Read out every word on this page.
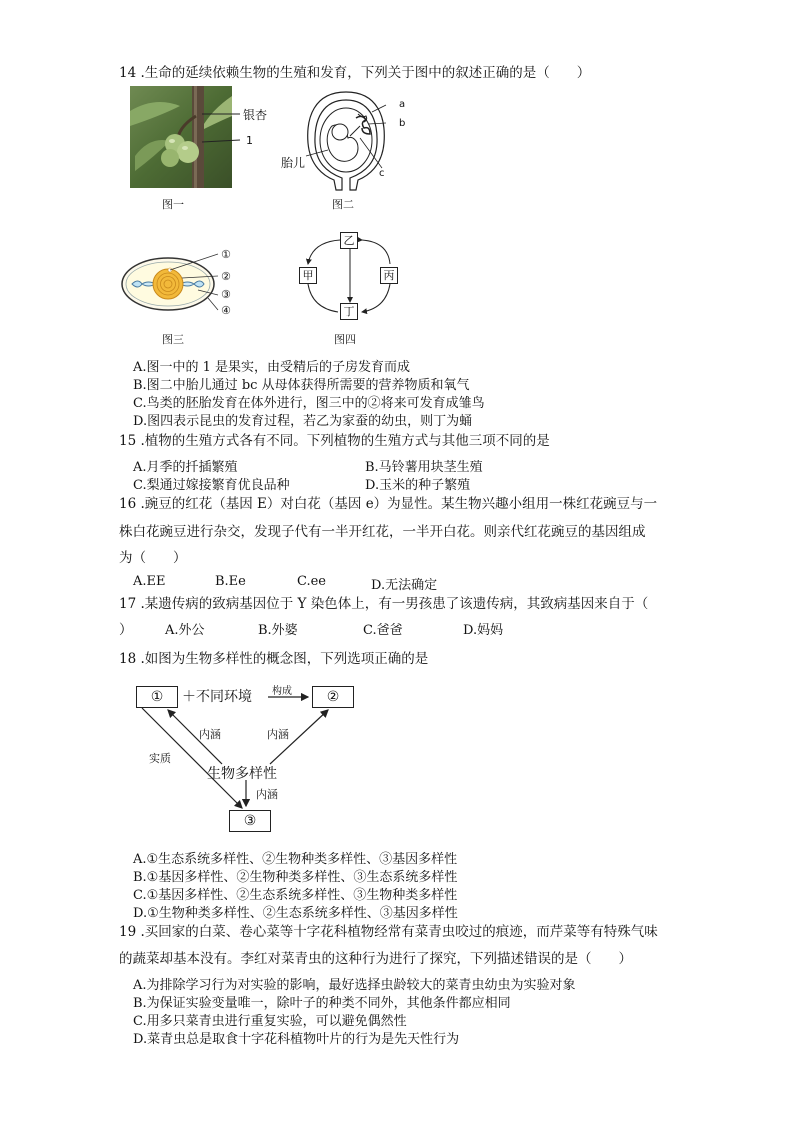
14 .生命的延续依赖生物的生殖和发育，下列关于图中的叙述正确的是（　　）
银杏
1
图一
a
b
c
胎儿
图二
①
②
③
④
图三
乙
甲	丙
丁
图四
A.图一中的 1 是果实，由受精后的子房发育而成
B.图二中胎儿通过 bc 从母体获得所需要的营养物质和氧气
C.鸟类的胚胎发育在体外进行，图三中的②将来可发育成雏鸟
D.图四表示昆虫的发育过程，若乙为家蚕的幼虫，则丁为蛹
15 .植物的生殖方式各有不同。下列植物的生殖方式与其他三项不同的是
A.月季的扦插繁殖	B.马铃薯用块茎生殖
C.梨通过嫁接繁育优良品种	D.玉米的种子繁殖
16 .豌豆的红花（基因 E）对白花（基因 e）为显性。某生物兴趣小组用一株红花豌豆与一
株白花豌豆进行杂交，发现子代有一半开红花，一半开白花。则亲代红花豌豆的基因组成
为（　　）
A.EE	B.Ee	C.ee	D.无法确定
17 .某遗传病的致病基因位于 Y 染色体上，有一男孩患了该遗传病，其致病基因来自于（
）	A.外公	B.外婆	C.爸爸	D.妈妈
18 .如图为生物多样性的概念图，下列选项正确的是
①	＋不同环境 构成	②
内涵	内涵
实质
生物多样性
内涵
③
A.①生态系统多样性、②生物种类多样性、③基因多样性
B.①基因多样性、②生物种类多样性、③生态系统多样性
C.①基因多样性、②生态系统多样性、③生物种类多样性
D.①生物种类多样性、②生态系统多样性、③基因多样性
19 .买回家的白菜、卷心菜等十字花科植物经常有菜青虫咬过的痕迹，而芹菜等有特殊气味
的蔬菜却基本没有。李红对菜青虫的这种行为进行了探究，下列描述错误的是（　　）
A.为排除学习行为对实验的影响，最好选择虫龄较大的菜青虫幼虫为实验对象
B.为保证实验变量唯一，除叶子的种类不同外，其他条件都应相同
C.用多只菜青虫进行重复实验，可以避免偶然性
D.菜青虫总是取食十字花科植物叶片的行为是先天性行为
